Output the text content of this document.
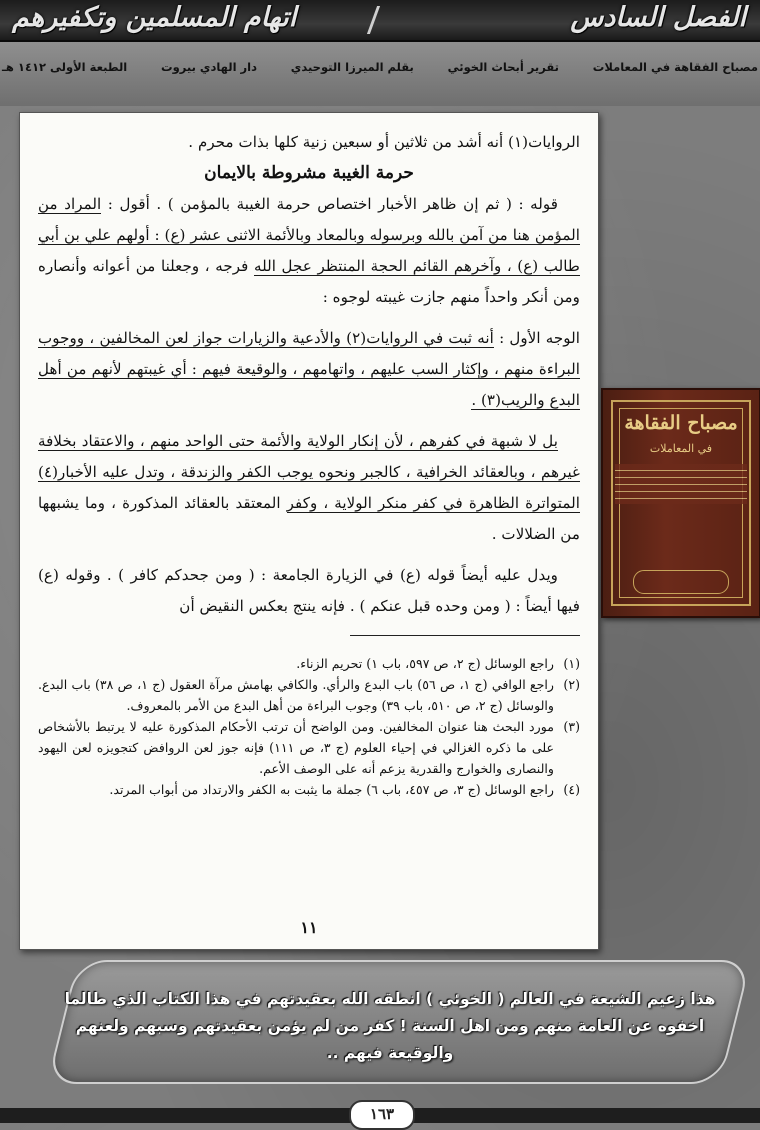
الفصل السادس
اتهام المسلمين وتكفيرهم
مصباح الفقاهة في المعاملات
تقرير أبحاث الخوئي
بقلم الميرزا التوحيدي
دار الهادي بيروت
الطبعة الأولى ١٤١٢ هـ

الروايات(١) أنه أشد من ثلاثين أو سبعين زنية كلها بذات محرم .

حرمة الغيبة مشروطة بالايمان

قوله : ( ثم إن ظاهر الأخبار اختصاص حرمة الغيبة بالمؤمن ) . أقول : المراد من المؤمن هنا من آمن بالله وبرسوله وبالمعاد وبالأئمة الاثنى عشر (ع) : أولهم علي بن أبي طالب (ع) ، وآخرهم القائم الحجة المنتظر عجل الله فرجه ، وجعلنا من أعوانه وأنصاره ومن أنكر واحداً منهم جازت غيبته لوجوه :

الوجه الأول : أنه ثبت في الروايات(٢) والأدعية والزيارات جواز لعن المخالفين ، ووجوب البراءة منهم ، وإكثار السب عليهم ، واتهامهم ، والوقيعة فيهم : أي غيبتهم لأنهم من أهل البدع والريب(٣) .

بل لا شبهة في كفرهم ، لأن إنكار الولاية والأئمة حتى الواحد منهم ، والاعتقاد بخلافة غيرهم ، وبالعقائد الخرافية ، كالجبر ونحوه يوجب الكفر والزندقة ، وتدل عليه الأخبار(٤) المتواترة الظاهرة في كفر منكر الولاية ، وكفر المعتقد بالعقائد المذكورة ، وما يشبهها من الضلالات .

ويدل عليه أيضاً قوله (ع) في الزيارة الجامعة : ( ومن جحدكم كافر ) . وقوله (ع) فيها أيضاً : ( ومن وحده قبل عنكم ) . فإنه ينتج بعكس النقيض أن

(١)
راجع الوسائل (ج ٢، ص ٥٩٧، باب ١) تحريم الزناء.

(٢)
راجع الوافي (ج ١، ص ٥٦) باب البدع والرأي. والكافي بهامش مرآة العقول (ج ١، ص ٣٨) باب البدع. والوسائل (ج ٢، ص ٥١٠، باب ٣٩) وجوب البراءة من أهل البدع من الأمر بالمعروف.

(٣)
مورد البحث هنا عنوان المخالفين. ومن الواضح أن ترتب الأحكام المذكورة عليه لا يرتبط بالأشخاص على ما ذكره الغزالي في إحياء العلوم (ج ٣، ص ١١١) فإنه جوز لعن الروافض كتجويزه لعن اليهود والنصارى والخوارج والقدرية يزعم أنه على الوصف الأعم.

(٤)
راجع الوسائل (ج ٣، ص ٤٥٧، باب ٦) جملة ما يثبت به الكفر والارتداد من أبواب المرتد.

١١
مصباح الفقاهة
في المعاملات
هذا زعيم الشيعة في العالم ( الخوئي ) انطقه الله بعقيدتهم في هذا الكتاب الذي طالما اخفوه عن العامة منهم ومن اهل السنة ! كفر من لم يؤمن بعقيدتهم وسبهم ولعنهم والوقيعة فيهم ..
١٦٣
